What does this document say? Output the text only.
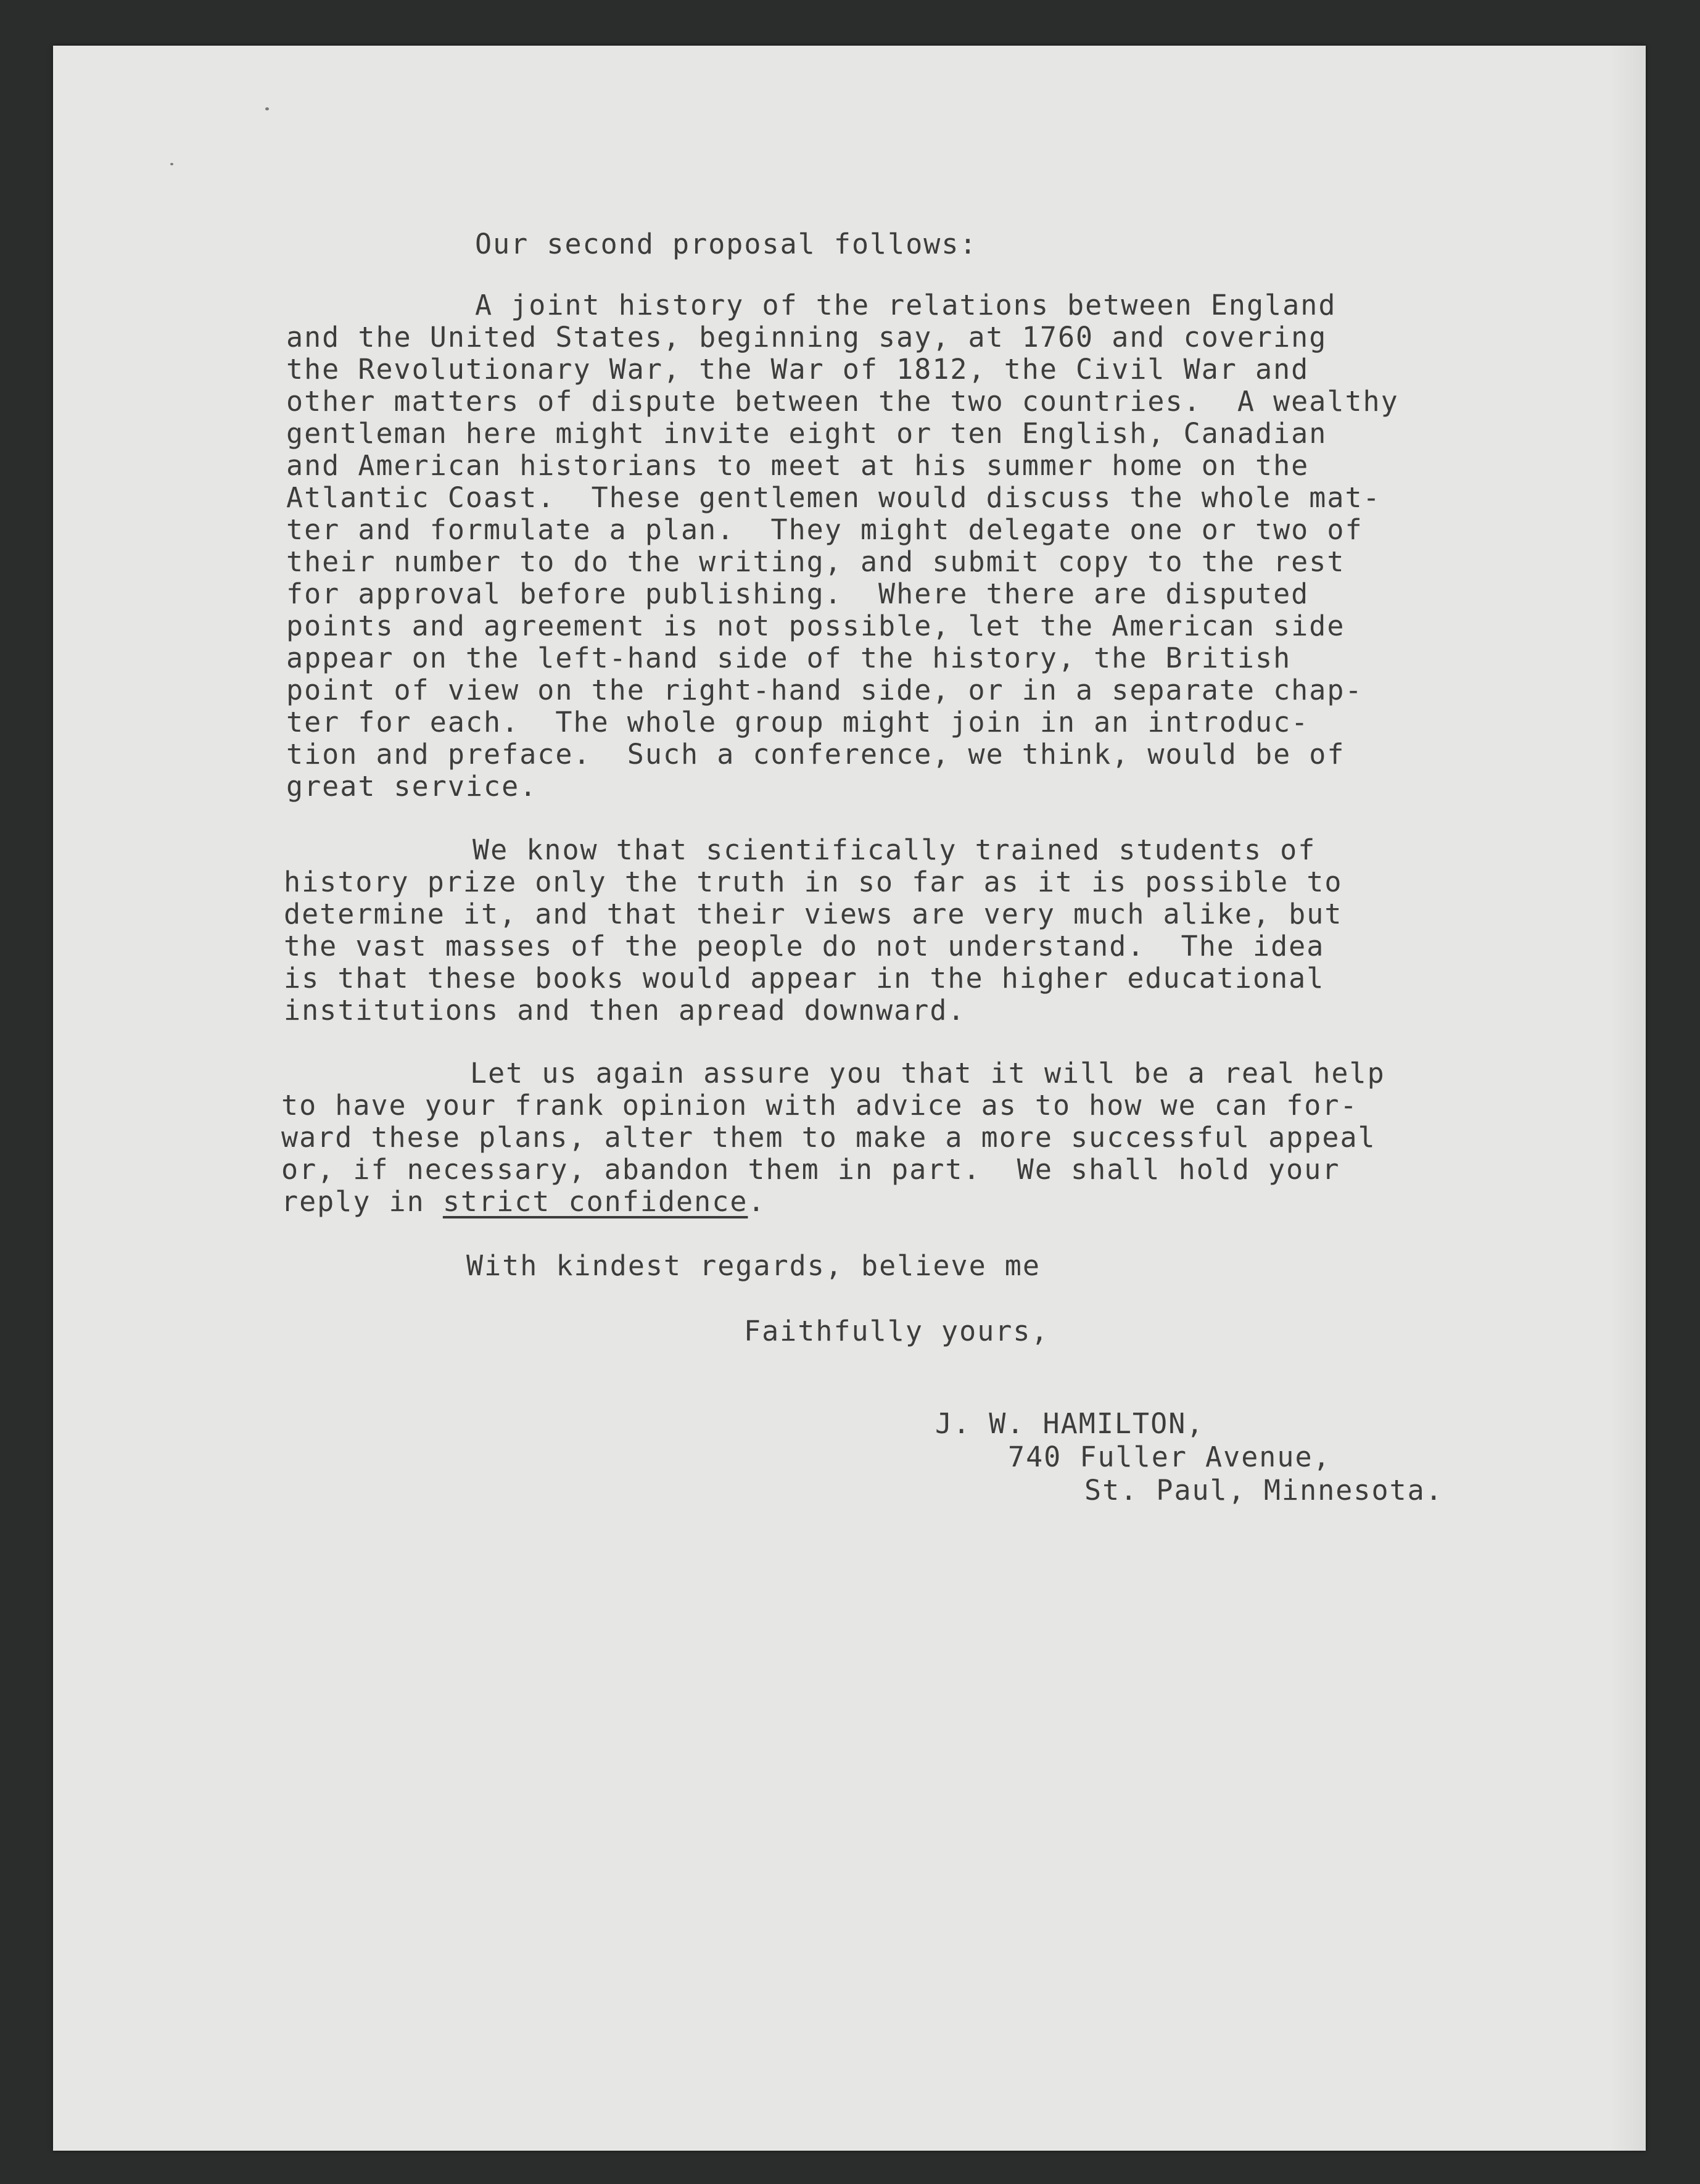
Our second proposal follows:
A joint history of the relations between England
and the United States, beginning say, at 1760 and covering
the Revolutionary War, the War of 1812, the Civil War and
other matters of dispute between the two countries.  A wealthy
gentleman here might invite eight or ten English, Canadian
and American historians to meet at his summer home on the
Atlantic Coast.  These gentlemen would discuss the whole mat-
ter and formulate a plan.  They might delegate one or two of
their number to do the writing, and submit copy to the rest
for approval before publishing.  Where there are disputed
points and agreement is not possible, let the American side
appear on the left-hand side of the history, the British
point of view on the right-hand side, or in a separate chap-
ter for each.  The whole group might join in an introduc-
tion and preface.  Such a conference, we think, would be of
great service.
We know that scientifically trained students of
history prize only the truth in so far as it is possible to
determine it, and that their views are very much alike, but
the vast masses of the people do not understand.  The idea
is that these books would appear in the higher educational
institutions and then apread downward.
Let us again assure you that it will be a real help
to have your frank opinion with advice as to how we can for-
ward these plans, alter them to make a more successful appeal
or, if necessary, abandon them in part.  We shall hold your
reply in strict confidence.
With kindest regards, believe me
Faithfully yours,
J. W. HAMILTON,
740 Fuller Avenue,
St. Paul, Minnesota.
